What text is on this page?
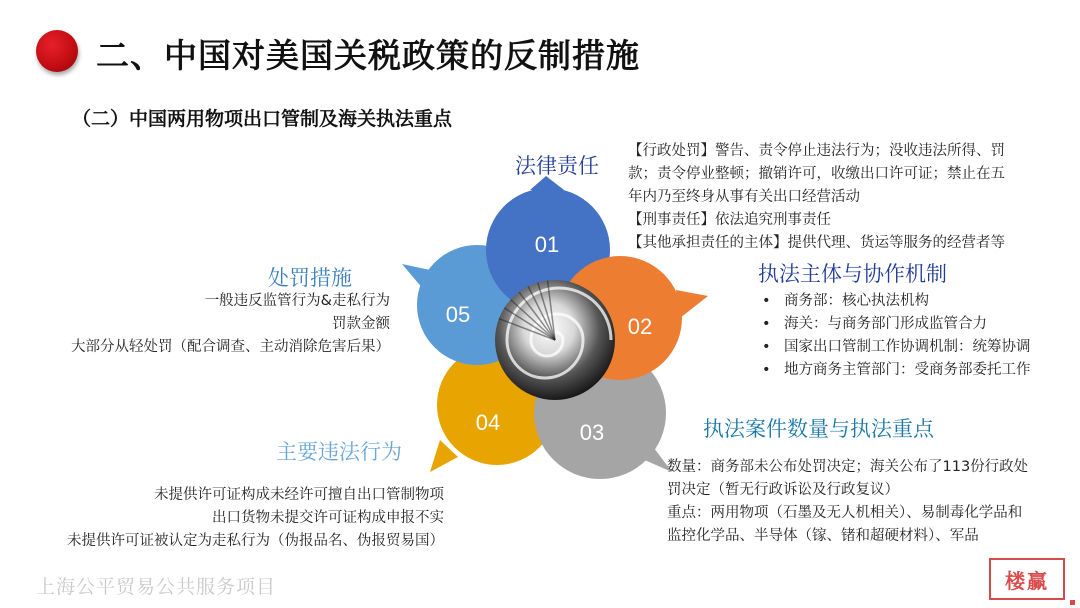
二、中国对美国关税政策的反制措施
（二）中国两用物项出口管制及海关执法重点
04	03
05
01
02
法律责任

【行政处罚】警告、责令停止违法行为；没收违法所得、罚

款；责令停业整顿；撤销许可，收缴出口许可证；禁止在五

年内乃至终身从事有关出口经营活动

【刑事责任】依法追究刑事责任

【其他承担责任的主体】提供代理、货运等服务的经营者等

处罚措施

一般违反监管行为&走私行为

罚款金额

大部分从轻处罚（配合调查、主动消除危害后果）

执法主体与协作机制
• 商务部：核心执法机构
• 海关：与商务部门形成监管合力
• 国家出口管制工作协调机制：统筹协调
• 地方商务主管部门：受商务部委托工作
执法案件数量与执法重点

数量：商务部未公布处罚决定；海关公布了113份行政处

罚决定（暂无行政诉讼及行政复议）

重点：两用物项（石墨及无人机相关）、易制毒化学品和

监控化学品、半导体（镓、锗和超硬材料）、军品

主要违法行为

未提供许可证构成未经许可擅自出口管制物项

出口货物未提交许可证构成申报不实

未提供许可证被认定为走私行为（伪报品名、伪报贸易国）

上海公平贸易公共服务项目	楼赢
